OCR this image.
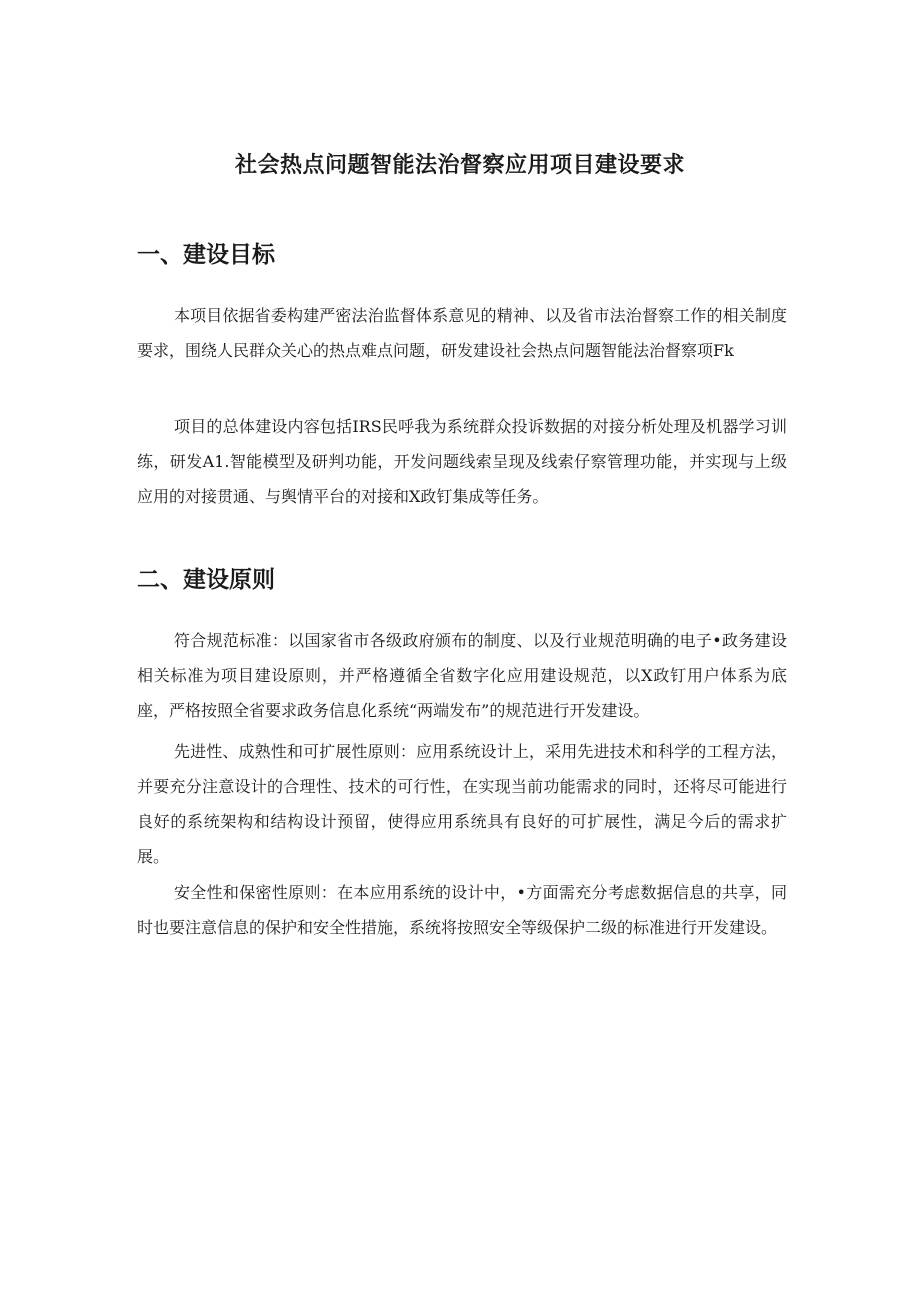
社会热点问题智能法治督察应用项目建设要求
一、建设目标

本项目依据省委构建严密法治监督体系意见的精神、以及省市法治督察工作的相关制度要求，围绕人民群众关心的热点难点问题，研发建设社会热点问题智能法治督察项Fk

项目的总体建设内容包括IRS民呼我为系统群众投诉数据的对接分析处理及机器学习训练，研发A1.智能模型及研判功能，开发问题线索呈现及线索仔察管理功能，并实现与上级应用的对接贯通、与舆情平台的对接和X政钉集成等任务。

二、建设原则

符合规范标准：以国家省市各级政府颁布的制度、以及行业规范明确的电子•政务建设相关标准为项目建设原则，并严格遵循全省数字化应用建设规范，以X政钉用户体系为底座，严格按照全省要求政务信息化系统“两端发布”的规范进行开发建设。

先进性、成熟性和可扩展性原则：应用系统设计上，采用先进技术和科学的工程方法，并要充分注意设计的合理性、技术的可行性，在实现当前功能需求的同时，还将尽可能进行良好的系统架构和结构设计预留，使得应用系统具有良好的可扩展性，满足今后的需求扩展。

安全性和保密性原则：在本应用系统的设计中，•方面需充分考虑数据信息的共享，同时也要注意信息的保护和安全性措施，系统将按照安全等级保护二级的标准进行开发建设。
